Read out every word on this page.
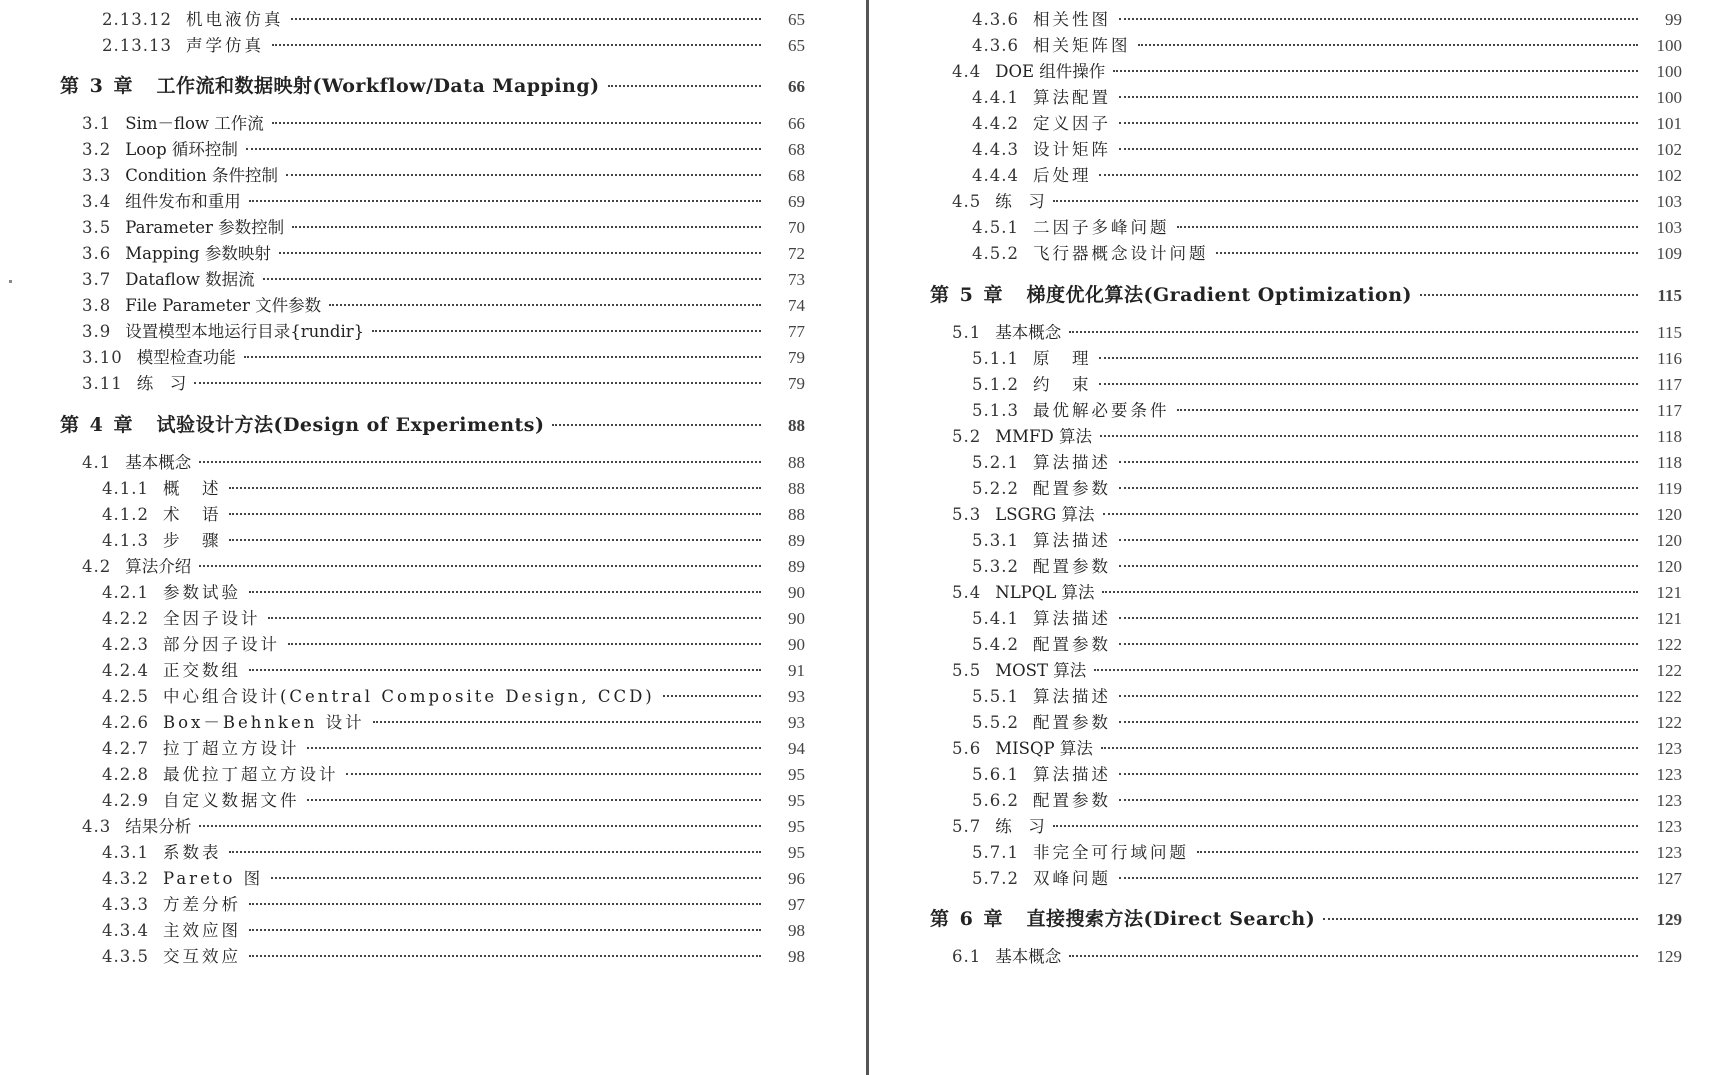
2.13.12 机电液仿真	65
2.13.13 声学仿真	65
第 3 章 工作流和数据映射(Workflow/Data Mapping)	66
3.1 Sim－flow 工作流	66
3.2 Loop 循环控制	68
3.3 Condition 条件控制	68
3.4 组件发布和重用	69
3.5 Parameter 参数控制	70
3.6 Mapping 参数映射	72
3.7 Dataflow 数据流	73
3.8 File Parameter 文件参数	74
3.9 设置模型本地运行目录{rundir}	77
3.10 模型检查功能	79
3.11 练　习	79
第 4 章 试验设计方法(Design of Experiments)	88
4.1 基本概念	88
4.1.1 概　述	88
4.1.2 术　语	88
4.1.3 步　骤	89
4.2 算法介绍	89
4.2.1 参数试验	90
4.2.2 全因子设计	90
4.2.3 部分因子设计	90
4.2.4 正交数组	91
4.2.5 中心组合设计(Central Composite Design, CCD)	93
4.2.6 Box－Behnken 设计	93
4.2.7 拉丁超立方设计	94
4.2.8 最优拉丁超立方设计	95
4.2.9 自定义数据文件	95
4.3 结果分析	95
4.3.1 系数表	95
4.3.2 Pareto 图	96
4.3.3 方差分析	97
4.3.4 主效应图	98
4.3.5 交互效应	98
4.3.6 相关性图	99
4.3.6 相关矩阵图	100
4.4 DOE 组件操作	100
4.4.1 算法配置	100
4.4.2 定义因子	101
4.4.3 设计矩阵	102
4.4.4 后处理	102
4.5 练　习	103
4.5.1 二因子多峰问题	103
4.5.2 飞行器概念设计问题	109
第 5 章 梯度优化算法(Gradient Optimization)	115
5.1 基本概念	115
5.1.1 原　理	116
5.1.2 约　束	117
5.1.3 最优解必要条件	117
5.2 MMFD 算法	118
5.2.1 算法描述	118
5.2.2 配置参数	119
5.3 LSGRG 算法	120
5.3.1 算法描述	120
5.3.2 配置参数	120
5.4 NLPQL 算法	121
5.4.1 算法描述	121
5.4.2 配置参数	122
5.5 MOST 算法	122
5.5.1 算法描述	122
5.5.2 配置参数	122
5.6 MISQP 算法	123
5.6.1 算法描述	123
5.6.2 配置参数	123
5.7 练　习	123
5.7.1 非完全可行域问题	123
5.7.2 双峰问题	127
第 6 章 直接搜索方法(Direct Search)	129
6.1 基本概念	129
